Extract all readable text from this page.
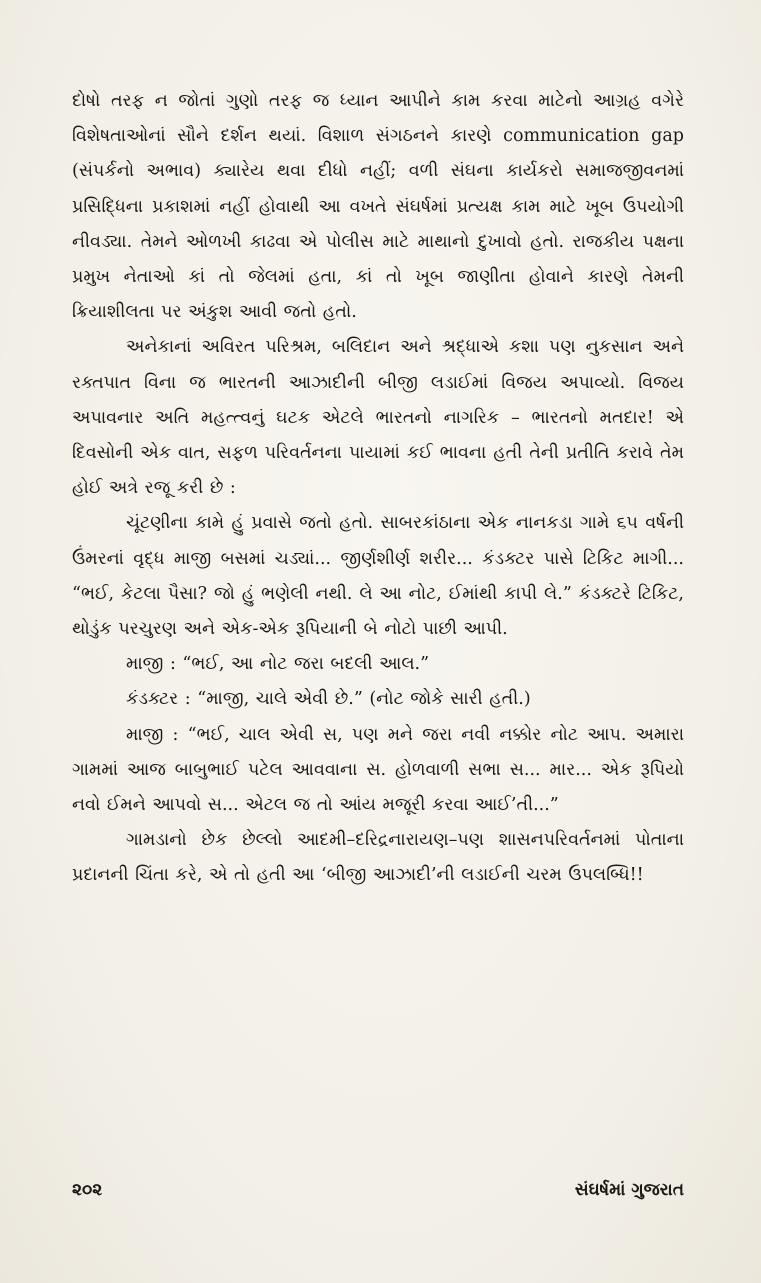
દોષો તરફ ન જોતાં ગુણો તરફ જ ધ્યાન આપીને કામ કરવા માટેનો આગ્રહ વગેરે વિશેષતાઓનાં સૌને દર્શન થયાં. વિશાળ સંગઠનને કારણે communication gap (સંપર્કનો અભાવ) ક્યારેય થવા દીધો નહીં; વળી સંઘના કાર્યકરો સમાજજીવનમાં પ્રસિદ્ધિના પ્રકાશમાં નહીં હોવાથી આ વખતે સંઘર્ષમાં પ્રત્યક્ષ કામ માટે ખૂબ ઉપયોગી નીવડ્યા. તેમને ઓળખી કાઢવા એ પોલીસ માટે માથાનો દુખાવો હતો. રાજકીય પક્ષના પ્રમુખ નેતાઓ કાં તો જેલમાં હતા, કાં તો ખૂબ જાણીતા હોવાને કારણે તેમની ક્રિયાશીલતા પર અંકુશ આવી જતો હતો.

અનેકાનાં અવિરત પરિશ્રમ, બલિદાન અને શ્રદ્ધાએ કશા પણ નુકસાન અને રક્તપાત વિના જ ભારતની આઝાદીની બીજી લડાઈમાં વિજય અપાવ્યો. વિજય અપાવનાર અતિ મહત્ત્વનું ઘટક એટલે ભારતનો નાગરિક – ભારતનો મતદાર! એ દિવસોની એક વાત, સફળ પરિવર્તનના પાયામાં કઈ ભાવના હતી તેની પ્રતીતિ કરાવે તેમ હોઈ અત્રે રજૂ કરી છે :

ચૂંટણીના કામે હું પ્રવાસે જતો હતો. સાબરકાંઠાના એક નાનકડા ગામે ૬૫ વર્ષની ઉંમરનાં વૃદ્ધ માજી બસમાં ચડ્યાં... જીર્ણશીર્ણ શરીર... કંડક્ટર પાસે ટિકિટ માગી... “ભઈ, કેટલા પૈસા? જો હું ભણેલી નથી. લે આ નોટ, ઈમાંથી કાપી લે.” કંડક્ટરે ટિકિટ, થોડુંક પરચુરણ અને એક-એક રૂપિયાની બે નોટો પાછી આપી.

માજી : “ભઈ, આ નોટ જરા બદલી આલ.”

કંડક્ટર : “માજી, ચાલે એવી છે.” (નોટ જોકે સારી હતી.)

માજી : “ભઈ, ચાલ એવી સ, પણ મને જરા નવી નક્કોર નોટ આપ. અમારા ગામમાં આજ બાબુભાઈ પટેલ આવવાના સ. હોળવાળી સભા સ... માર... એક રૂપિયો નવો ઈમને આપવો સ... એટલ જ તો આંય મજૂરી કરવા આઈ’તી...”

ગામડાનો છેક છેલ્લો આદમી–દરિદ્રનારાયણ–પણ શાસનપરિવર્તનમાં પોતાના પ્રદાનની ચિંતા કરે, એ તો હતી આ ‘બીજી આઝાદી’ની લડાઈની ચરમ ઉપલબ્ધિ!!

૨૦૨	સંઘર્ષમાં ગુજરાત
